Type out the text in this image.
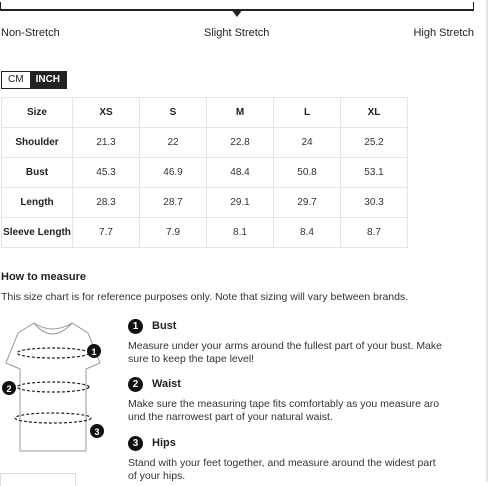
Non-Stretch	Slight Stretch	High Stretch
CM	INCH
Size	XS	S	M	L	XL
Shoulder	21.3	22	22.8	24	25.2
Bust	45.3	46.9	48.4	50.8	53.1
Length	28.3	28.7	29.1	29.7	30.3
Sleeve Length	7.7	7.9	8.1	8.4	8.7
How to measure
This size chart is for reference purposes only. Note that sizing will vary between brands.
1
2
3
1	Bust
Measure under your arms around the fullest part of your bust. Make sure to keep the tape level!
2	Waist
Make sure the measuring tape fits comfortably as you measure around the narrowest part of your natural waist.
3	Hips
Stand with your feet together, and measure around the widest part of your hips.
